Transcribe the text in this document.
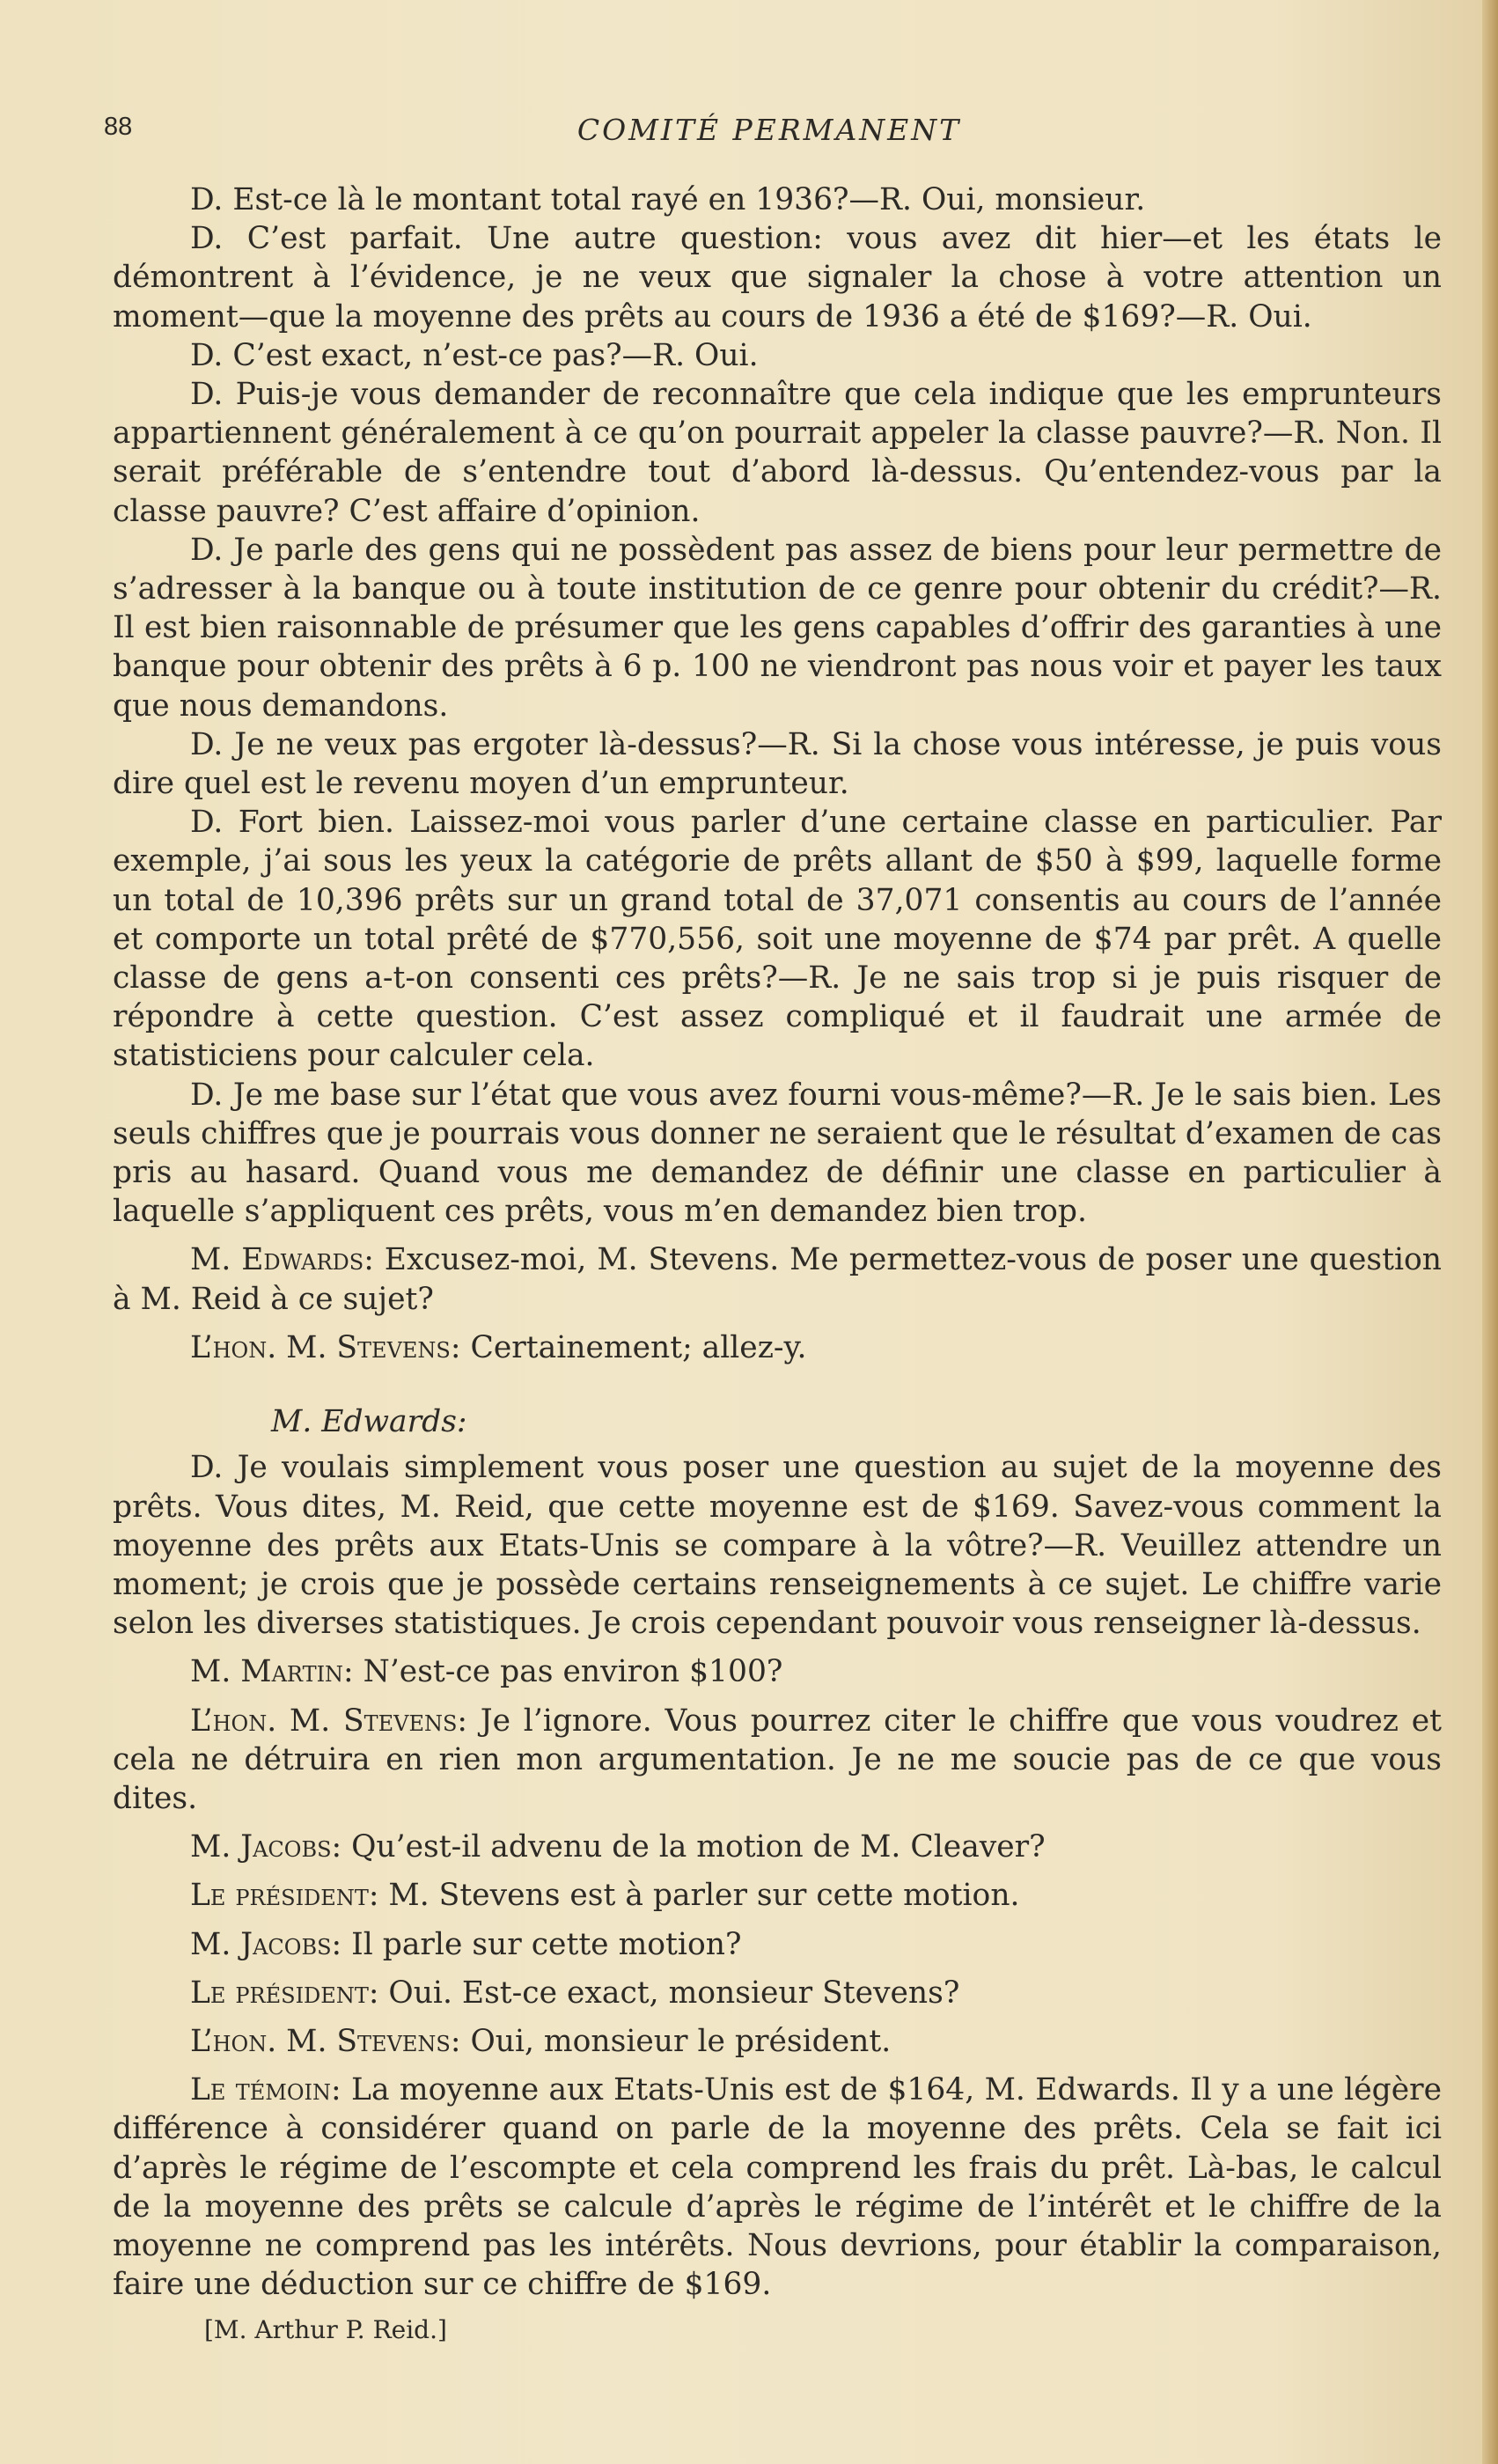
88	COMITÉ PERMANENT

D. Est-ce là le montant total rayé en 1936?—R. Oui, monsieur.

D. C’est parfait. Une autre question: vous avez dit hier—et les états le démontrent à l’évidence, je ne veux que signaler la chose à votre attention un moment—que la moyenne des prêts au cours de 1936 a été de $169?—R. Oui.

D. C’est exact, n’est-ce pas?—R. Oui.

D. Puis-je vous demander de reconnaître que cela indique que les emprunteurs appartiennent généralement à ce qu’on pourrait appeler la classe pauvre?—R. Non. Il serait préférable de s’entendre tout d’abord là-dessus. Qu’entendez-vous par la classe pauvre? C’est affaire d’opinion.

D. Je parle des gens qui ne possèdent pas assez de biens pour leur permettre de s’adresser à la banque ou à toute institution de ce genre pour obtenir du crédit?—R. Il est bien raisonnable de présumer que les gens capables d’offrir des garanties à une banque pour obtenir des prêts à 6 p. 100 ne viendront pas nous voir et payer les taux que nous demandons.

D. Je ne veux pas ergoter là-dessus?—R. Si la chose vous intéresse, je puis vous dire quel est le revenu moyen d’un emprunteur.

D. Fort bien. Laissez-moi vous parler d’une certaine classe en particulier. Par exemple, j’ai sous les yeux la catégorie de prêts allant de $50 à $99, laquelle forme un total de 10,396 prêts sur un grand total de 37,071 consentis au cours de l’année et comporte un total prêté de $770,556, soit une moyenne de $74 par prêt. A quelle classe de gens a-t-on consenti ces prêts?—R. Je ne sais trop si je puis risquer de répondre à cette question. C’est assez compliqué et il faudrait une armée de statisticiens pour calculer cela.

D. Je me base sur l’état que vous avez fourni vous-même?—R. Je le sais bien. Les seuls chiffres que je pourrais vous donner ne seraient que le résultat d’examen de cas pris au hasard. Quand vous me demandez de définir une classe en particulier à laquelle s’appliquent ces prêts, vous m’en demandez bien trop.

M. Edwards: Excusez-moi, M. Stevens. Me permettez-vous de poser une question à M. Reid à ce sujet?

L’hon. M. Stevens: Certainement; allez-y.

M. Edwards:

D. Je voulais simplement vous poser une question au sujet de la moyenne des prêts. Vous dites, M. Reid, que cette moyenne est de $169. Savez-vous comment la moyenne des prêts aux Etats-Unis se compare à la vôtre?—R. Veuillez attendre un moment; je crois que je possède certains renseignements à ce sujet. Le chiffre varie selon les diverses statistiques. Je crois cependant pouvoir vous renseigner là-dessus.

M. Martin: N’est-ce pas environ $100?

L’hon. M. Stevens: Je l’ignore. Vous pourrez citer le chiffre que vous voudrez et cela ne détruira en rien mon argumentation. Je ne me soucie pas de ce que vous dites.

M. Jacobs: Qu’est-il advenu de la motion de M. Cleaver?

Le président: M. Stevens est à parler sur cette motion.

M. Jacobs: Il parle sur cette motion?

Le président: Oui. Est-ce exact, monsieur Stevens?

L’hon. M. Stevens: Oui, monsieur le président.

Le témoin: La moyenne aux Etats-Unis est de $164, M. Edwards. Il y a une légère différence à considérer quand on parle de la moyenne des prêts. Cela se fait ici d’après le régime de l’escompte et cela comprend les frais du prêt. Là-bas, le calcul de la moyenne des prêts se calcule d’après le régime de l’intérêt et le chiffre de la moyenne ne comprend pas les intérêts. Nous devrions, pour établir la comparaison, faire une déduction sur ce chiffre de $169.

[M. Arthur P. Reid.]
